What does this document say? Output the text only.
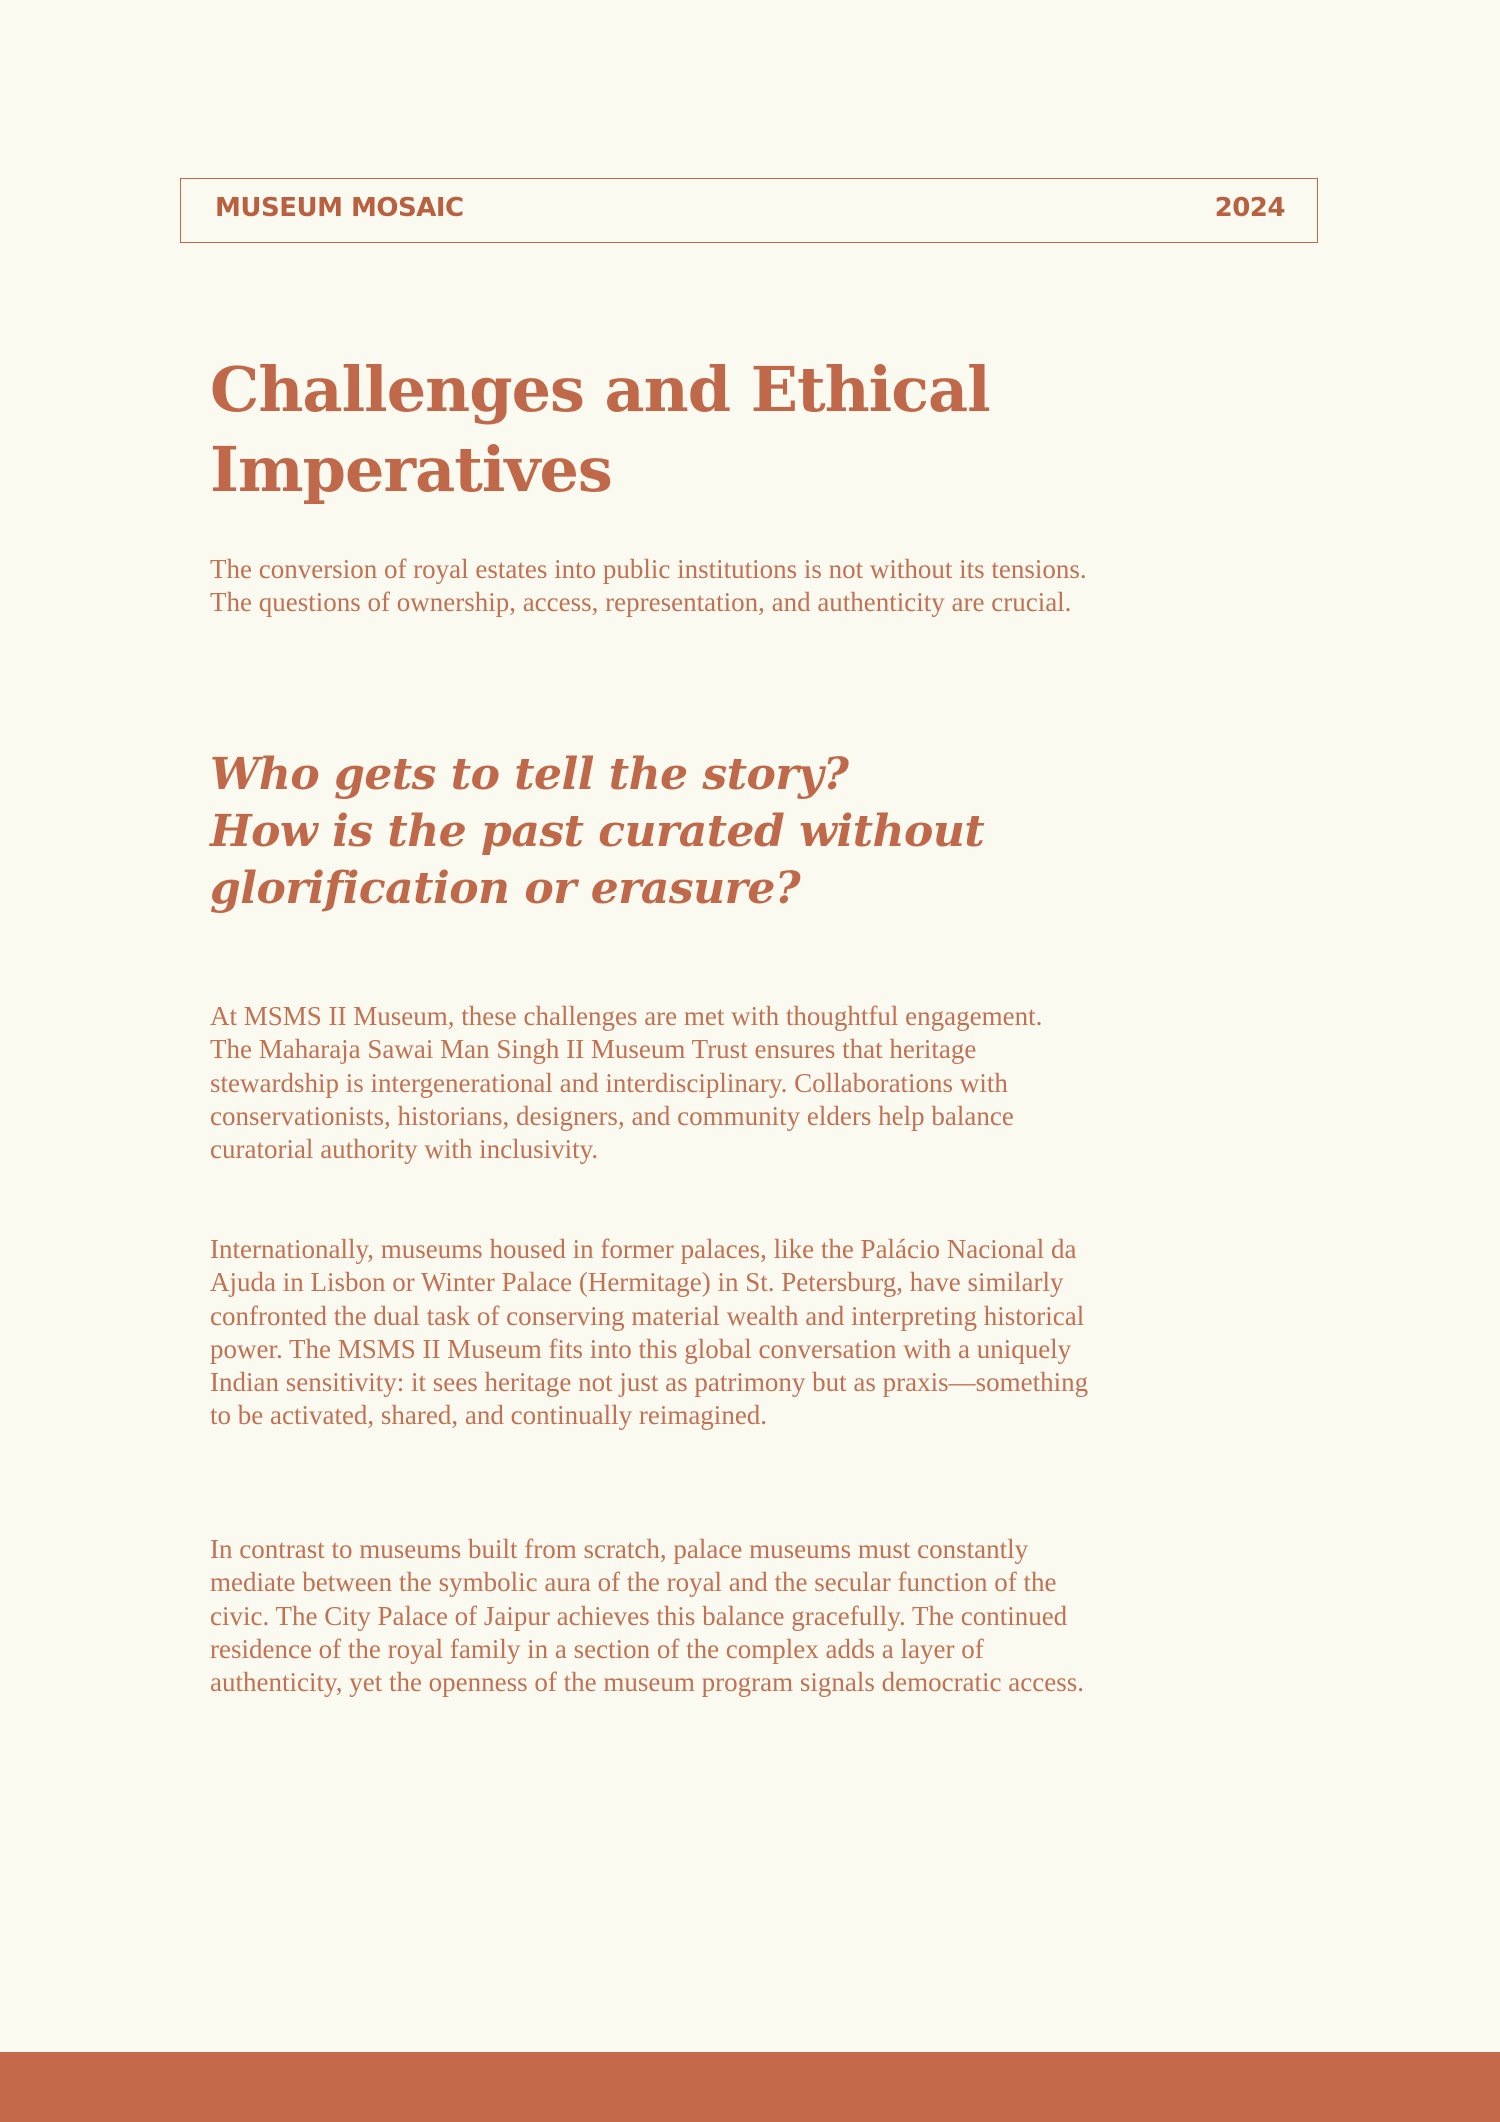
MUSEUM MOSAIC	2024
Challenges and Ethical Imperatives

The conversion of royal estates into public institutions is not without its tensions. The questions of ownership, access, representation, and authenticity are crucial.

Who gets to tell the story?
How is the past curated without
glorification or erasure?

At MSMS II Museum, these challenges are met with thoughtful engagement. The Maharaja Sawai Man Singh II Museum Trust ensures that heritage stewardship is intergenerational and interdisciplinary. Collaborations with conservationists, historians, designers, and community elders help balance curatorial authority with inclusivity.

Internationally, museums housed in former palaces, like the Palácio Nacional da Ajuda in Lisbon or Winter Palace (Hermitage) in St. Petersburg, have similarly confronted the dual task of conserving material wealth and interpreting historical power. The MSMS II Museum fits into this global conversation with a uniquely Indian sensitivity: it sees heritage not just as patrimony but as praxis—something to be activated, shared, and continually reimagined.

In contrast to museums built from scratch, palace museums must constantly mediate between the symbolic aura of the royal and the secular function of the civic. The City Palace of Jaipur achieves this balance gracefully. The continued residence of the royal family in a section of the complex adds a layer of authenticity, yet the openness of the museum program signals democratic access.
